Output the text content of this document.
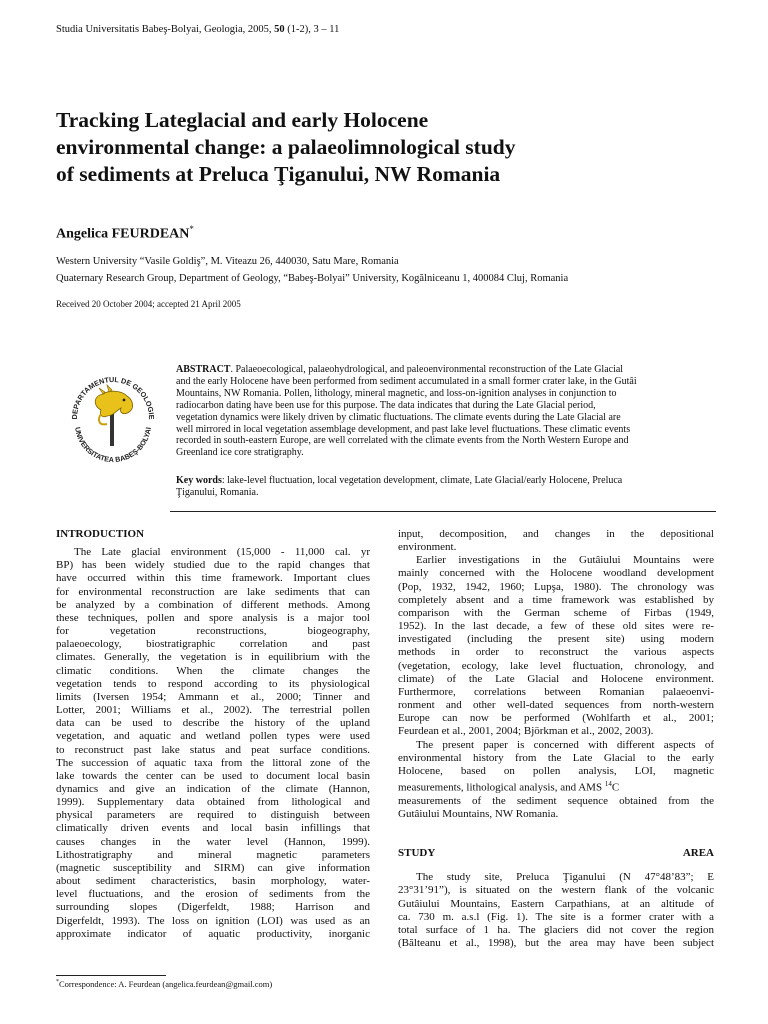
Studia Universitatis Babeş-Bolyai, Geologia, 2005, 50 (1-2), 3 – 11
Tracking Lateglacial and early Holocene
environmental change: a palaeolimnological study
of sediments at Preluca Ţiganului, NW Romania
Angelica FEURDEAN*
Western University “Vasile Goldiş”, M. Viteazu 26, 440030, Satu Mare, Romania
Quaternary Research Group, Department of Geology, “Babeş-Bolyai” University, Kogălniceanu 1, 400084 Cluj, Romania
Received 20 October 2004; accepted 21 April 2005
DEPARTAMENTUL DE GEOLOGIE
UNIVERSITATEA BABEŞ-BOLYAI
ABSTRACT. Palaeoecological, palaeohydrological, and paleoenvironmental reconstruction of the Late Glacial
and the early Holocene have been performed from sediment accumulated in a small former crater lake, in the Gutâi
Mountains, NW Romania. Pollen, lithology, mineral magnetic, and loss-on-ignition analyses in conjunction to
radiocarbon dating have been use for this purpose. The data indicates that during the Late Glacial period,
vegetation dynamics were likely driven by climatic fluctuations. The climate events during the Late Glacial are
well mirrored in local vegetation assemblage development, and past lake level fluctuations. These climatic events
recorded in south-eastern Europe, are well correlated with the climate events from the North Western Europe and
Greenland ice core stratigraphy.
Key words: lake-level fluctuation, local vegetation development, climate, Late Glacial/early Holocene, Preluca
Ţiganului, Romania.
INTRODUCTION
The Late glacial environment (15,000 - 11,000 cal. yr
BP) has been widely studied due to the rapid changes that
have occurred within this time framework. Important clues
for environmental reconstruction are lake sediments that can
be analyzed by a combination of different methods. Among
these techniques, pollen and spore analysis is a major tool
for vegetation reconstructions, biogeography,
palaeoecology, biostratigraphic correlation and past
climates. Generally, the vegetation is in equilibrium with the
climatic conditions. When the climate changes the
vegetation tends to respond according to its physiological
limits (Iversen 1954; Ammann et al., 2000; Tinner and
Lotter, 2001; Williams et al., 2002). The terrestrial pollen
data can be used to describe the history of the upland
vegetation, and aquatic and wetland pollen types were used
to reconstruct past lake status and peat surface conditions.
The succession of aquatic taxa from the littoral zone of the
lake towards the center can be used to document local basin
dynamics and give an indication of the climate (Hannon,
1999). Supplementary data obtained from lithological and
physical parameters are required to distinguish between
climatically driven events and local basin infillings that
causes changes in the water level (Hannon, 1999).
Lithostratigraphy and mineral magnetic parameters
(magnetic susceptibility and SIRM) can give information
about sediment characteristics, basin morphology, water-
level fluctuations, and the erosion of sediments from the
surrounding slopes (Digerfeldt, 1988; Harrison and
Digerfeldt, 1993). The loss on ignition (LOI) was used as an
approximate indicator of aquatic productivity, inorganic
input, decomposition, and changes in the depositional
environment.
Earlier investigations in the Gutâiului Mountains were
mainly concerned with the Holocene woodland development
(Pop, 1932, 1942, 1960; Lupşa, 1980). The chronology was
completely absent and a time framework was established by
comparison with the German scheme of Firbas (1949,
1952). In the last decade, a few of these old sites were re-
investigated (including the present site) using modern
methods in order to reconstruct the various aspects
(vegetation, ecology, lake level fluctuation, chronology, and
climate) of the Late Glacial and Holocene environment.
Furthermore, correlations between Romanian palaeoenvi-
ronment and other well-dated sequences from north-western
Europe can now be performed (Wohlfarth et al., 2001;
Feurdean et al., 2001, 2004; Björkman et al., 2002, 2003).
The present paper is concerned with different aspects of
environmental history from the Late Glacial to the early
Holocene, based on pollen analysis, LOI, magnetic
measurements, lithological analysis, and AMS $^{14}$C
measurements of the sediment sequence obtained from the
Gutâiului Mountains, NW Romania.
STUDY AREA
The study site, Preluca Ţiganului (N 47°48’83”; E
23°31’91”), is situated on the western flank of the volcanic
Gutâiului Mountains, Eastern Carpathians, at an altitude of
ca. 730 m. a.s.l (Fig. 1). The site is a former crater with a
total surface of 1 ha. The glaciers did not cover the region
(Bălteanu et al., 1998), but the area may have been subject
*Correspondence: A. Feurdean (angelica.feurdean@gmail.com)
